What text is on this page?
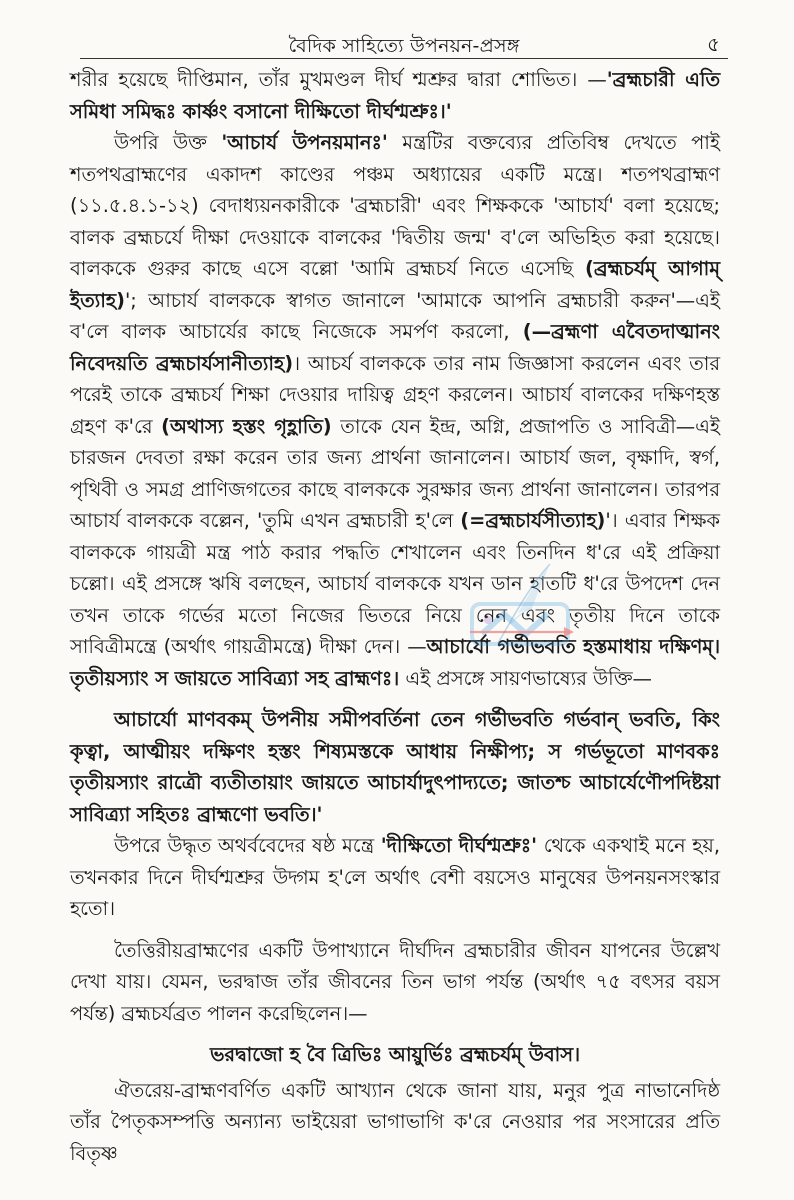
বৈদিক সাহিত্যে উপনয়ন-প্রসঙ্গ	৫

শরীর হয়েছে দীপ্তিমান, তাঁর মুখমণ্ডল দীর্ঘ শ্মশ্রুর দ্বারা শোভিত। —'ব্রহ্মচারী এতি সমিধা সমিদ্ধঃ কার্ষ্ণং বসানো দীক্ষিতো দীর্ঘশ্মশ্রুঃ।'

উপরি উক্ত 'আচার্য উপনয়মানঃ' মন্ত্রটির বক্তব্যের প্রতিবিম্ব দেখতে পাই শতপথব্রাহ্মণের একাদশ কাণ্ডের পঞ্চম অধ্যায়ের একটি মন্ত্রে। শতপথব্রাহ্মণ (১১.৫.৪.১-১২) বেদাধ্যয়নকারীকে 'ব্রহ্মচারী' এবং শিক্ষককে 'আচার্য' বলা হয়েছে; বালক ব্রহ্মচর্যে দীক্ষা দেওয়াকে বালকের 'দ্বিতীয় জন্ম' ব'লে অভিহিত করা হয়েছে। বালককে গুরুর কাছে এসে বল্লো 'আমি ব্রহ্মচর্য নিতে এসেছি (ব্রহ্মচর্যম্ আগাম্ ইত্যাহ)'; আচার্য বালককে স্বাগত জানালে 'আমাকে আপনি ব্রহ্মচারী করুন'—এই ব'লে বালক আচার্যের কাছে নিজেকে সমর্পণ করলো, (—ব্রহ্মণা এবৈতদাত্মানং নিবেদয়তি ব্রহ্মচার্যসানীত্যাহ)। আচর্য বালককে তার নাম জিজ্ঞাসা করলেন এবং তার পরেই তাকে ব্রহ্মচর্য শিক্ষা দেওয়ার দায়িত্ব গ্রহণ করলেন। আচার্য বালকের দক্ষিণহস্ত গ্রহণ ক'রে (অথাস্য হস্তং গৃহ্ণাতি) তাকে যেন ইন্দ্র, অগ্নি, প্রজাপতি ও সাবিত্রী—এই চারজন দেবতা রক্ষা করেন তার জন্য প্রার্থনা জানালেন। আচার্য জল, বৃক্ষাদি, স্বর্গ, পৃথিবী ও সমগ্র প্রাণিজগতের কাছে বালককে সুরক্ষার জন্য প্রার্থনা জানালেন। তারপর আচার্য বালককে বল্লেন, 'তুমি এখন ব্রহ্মচারী হ'লে (=ব্রহ্মচার্যসীত্যাহ)'। এবার শিক্ষক বালককে গায়ত্রী মন্ত্র পাঠ করার পদ্ধতি শেখালেন এবং তিনদিন ধ'রে এই প্রক্রিয়া চল্লো। এই প্রসঙ্গে ঋষি বলছেন, আচার্য বালককে যখন ডান হাতটি ধ'রে উপদেশ দেন তখন তাকে গর্ভের মতো নিজের ভিতরে নিয়ে নেন এবং তৃতীয় দিনে তাকে সাবিত্রীমন্ত্রে (অর্থাৎ গায়ত্রীমন্ত্রে) দীক্ষা দেন। —আচার্যো গর্ভীভবতি হস্তমাধায় দক্ষিণম্। তৃতীয়স্যাং স জায়তে সাবিত্র্যা সহ ব্রাহ্মণঃ। এই প্রসঙ্গে সায়ণভাষ্যের উক্তি—

আচার্যো মাণবকম্ উপনীয় সমীপবর্তিনা তেন গর্ভীভবতি গর্ভবান্ ভবতি, কিং কৃত্বা, আত্মীয়ং দক্ষিণং হস্তং শিষ্যমস্তকে আধায় নিক্ষীপ্য; স গর্ভভূতো মাণবকঃ তৃতীয়স্যাং রাত্রৌ ব্যতীতায়াং জায়তে আচার্যাদুৎপাদ্যতে; জাতশ্চ আচার্যেণৌপদিষ্টয়া সাবিত্র্যা সহিতঃ ব্রাহ্মণো ভবতি।'

উপরে উদ্ধৃত অথর্ববেদের ষষ্ঠ মন্ত্রে 'দীক্ষিতো দীর্ঘশ্মশ্রুঃ' থেকে একথাই মনে হয়, তখনকার দিনে দীর্ঘশ্মশ্রুর উদ্গম হ'লে অর্থাৎ বেশী বয়সেও মানুষের উপনয়নসংস্কার হতো।

তৈত্তিরীয়ব্রাহ্মণের একটি উপাখ্যানে দীর্ঘদিন ব্রহ্মচারীর জীবন যাপনের উল্লেখ দেখা যায়। যেমন, ভরদ্বাজ তাঁর জীবনের তিন ভাগ পর্যন্ত (অর্থাৎ ৭৫ বৎসর বয়স পর্যন্ত) ব্রহ্মচর্যব্রত পালন করেছিলেন।—

ভরদ্বাজো হ বৈ ত্রিভিঃ আয়ুর্ভিঃ ব্রহ্মচর্যম্ উবাস।

ঐতরেয়-ব্রাহ্মণবর্ণিত একটি আখ্যান থেকে জানা যায়, মনুর পুত্র নাভানেদিষ্ঠ তাঁর পৈতৃকসম্পত্তি অন্যান্য ভাইয়েরা ভাগাভাগি ক'রে নেওয়ার পর সংসারের প্রতি বিতৃষ্ণ
